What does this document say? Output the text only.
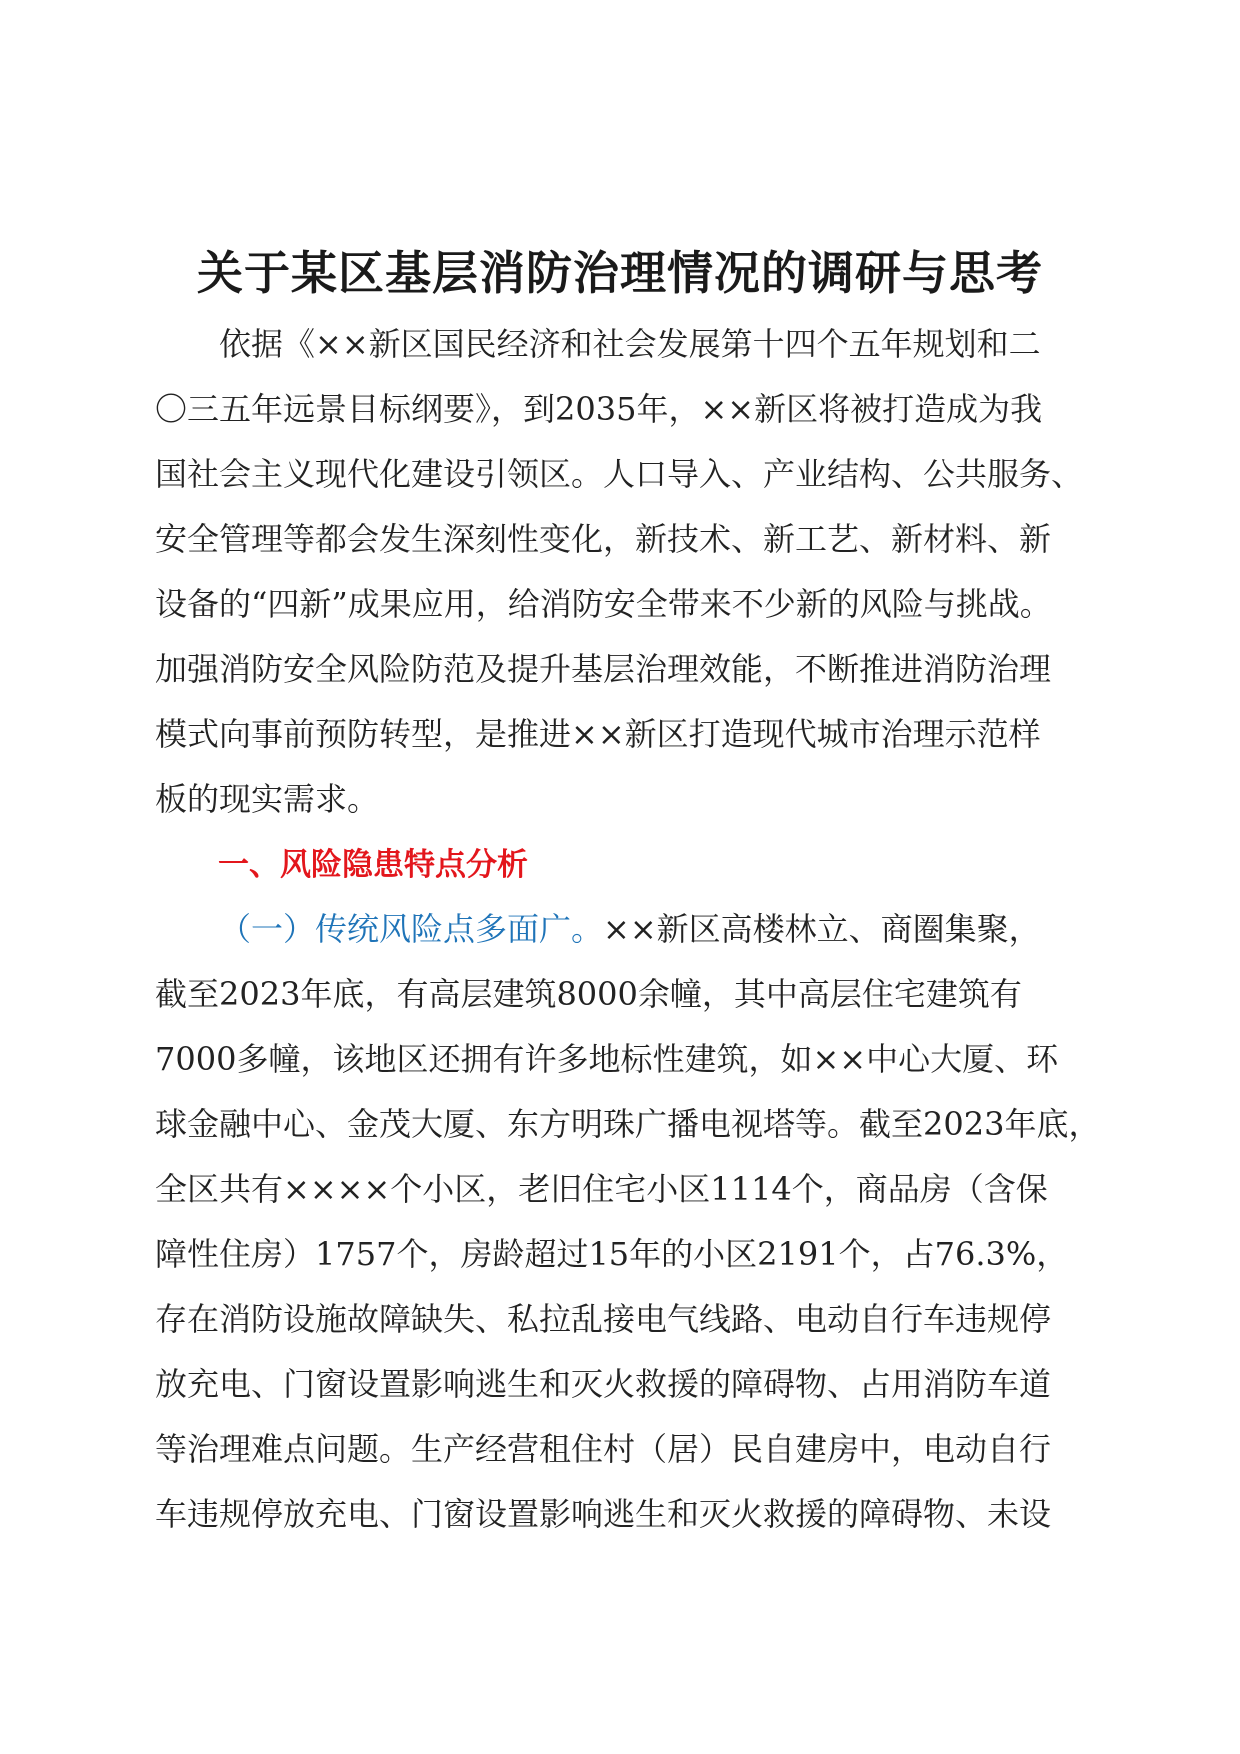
关于某区基层消防治理情况的调研与思考
依据《××新区国民经济和社会发展第十四个五年规划和二
〇三五年远景目标纲要》，到2035年，××新区将被打造成为我
国社会主义现代化建设引领区。人口导入、产业结构、公共服务、
安全管理等都会发生深刻性变化，新技术、新工艺、新材料、新
设备的“四新”成果应用，给消防安全带来不少新的风险与挑战。
加强消防安全风险防范及提升基层治理效能，不断推进消防治理
模式向事前预防转型，是推进××新区打造现代城市治理示范样
板的现实需求。
一、风险隐患特点分析
（一）传统风险点多面广。××新区高楼林立、商圈集聚，
截至2023年底，有高层建筑8000余幢，其中高层住宅建筑有
7000多幢，该地区还拥有许多地标性建筑，如××中心大厦、环
球金融中心、金茂大厦、东方明珠广播电视塔等。截至2023年底，
全区共有××××个小区，老旧住宅小区1114个，商品房（含保
障性住房）1757个，房龄超过15年的小区2191个，占76.3%，
存在消防设施故障缺失、私拉乱接电气线路、电动自行车违规停
放充电、门窗设置影响逃生和灭火救援的障碍物、占用消防车道
等治理难点问题。生产经营租住村（居）民自建房中，电动自行
车违规停放充电、门窗设置影响逃生和灭火救援的障碍物、未设
